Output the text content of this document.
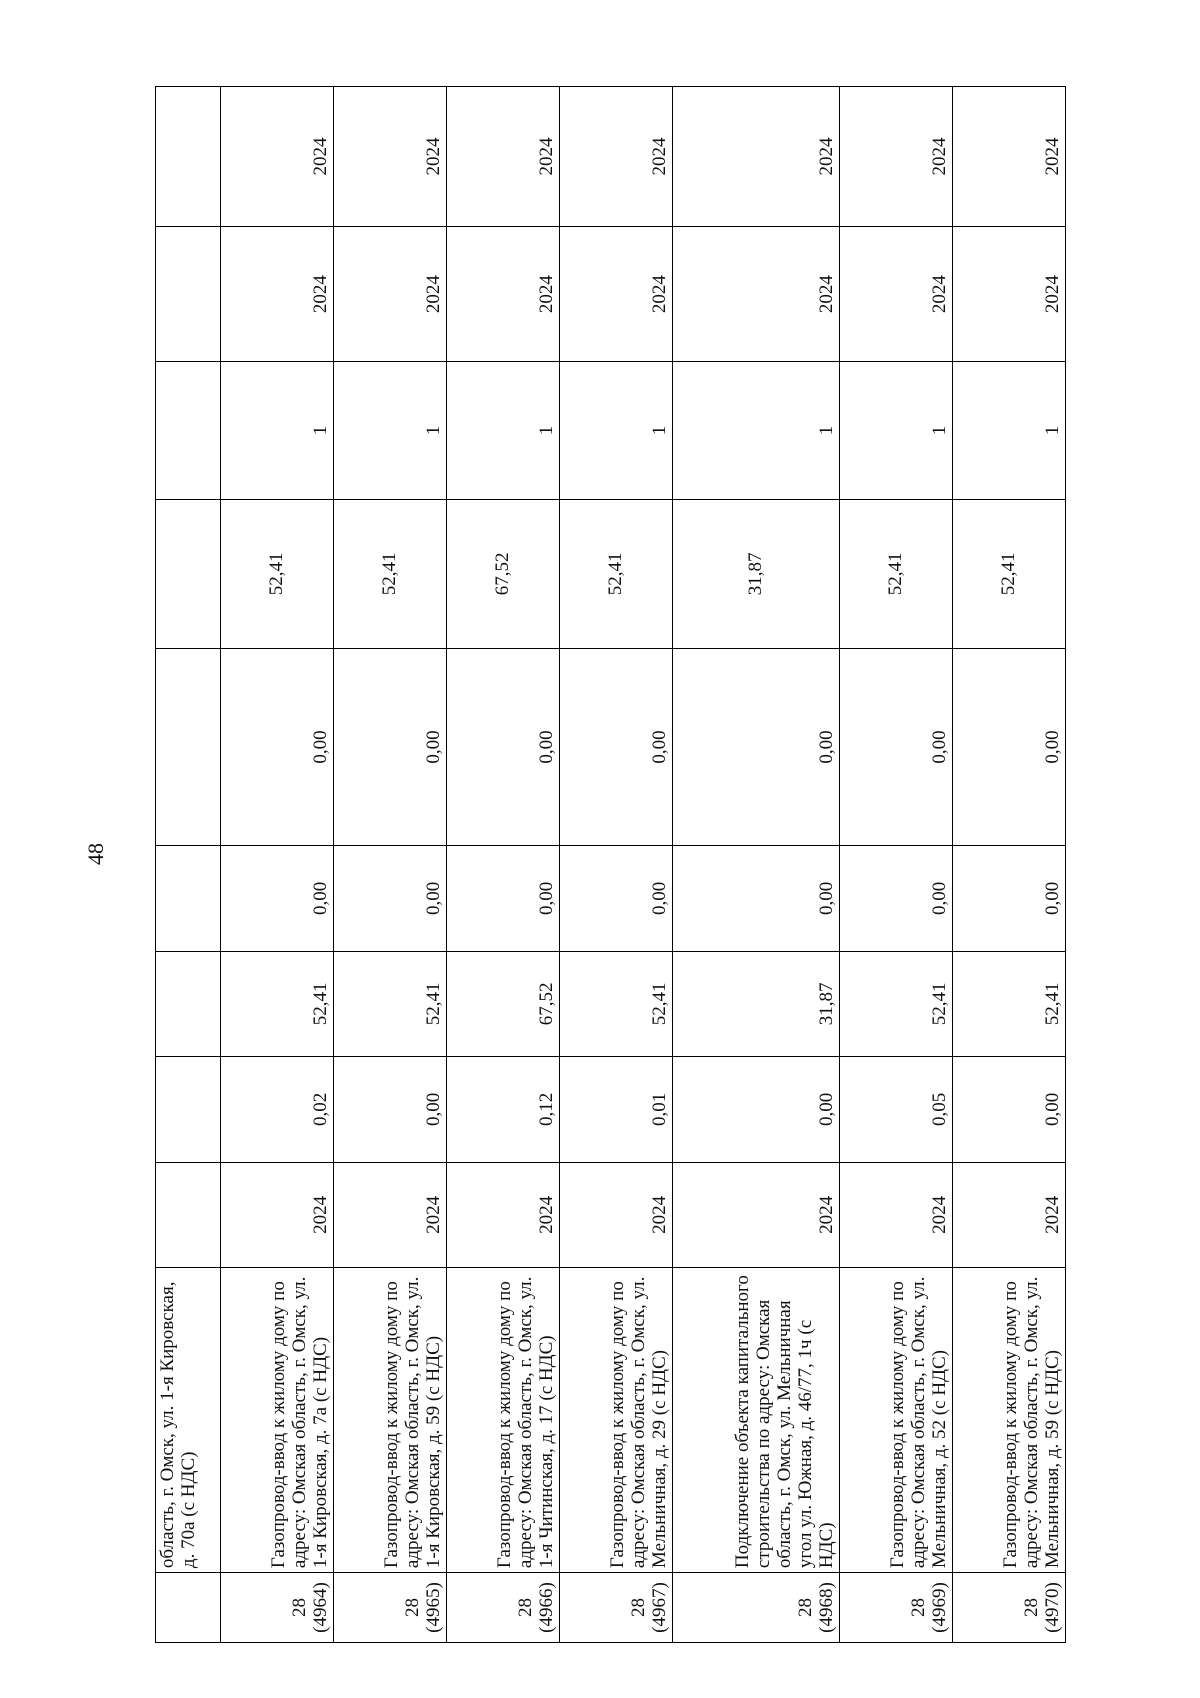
48
	область, г. Омск, ул. 1-я Кировская, д. 70а (с НДС)									
28
(4964)	Газопровод-ввод к жилому дому по адресу: Омская область, г. Омск, ул. 1-я Кировская, д. 7а (с НДС)	2024	0,02	52,41	0,00	0,00	52,41	1	2024	2024
28
(4965)	Газопровод-ввод к жилому дому по адресу: Омская область, г. Омск, ул. 1-я Кировская, д. 59 (с НДС)	2024	0,00	52,41	0,00	0,00	52,41	1	2024	2024
28
(4966)	Газопровод-ввод к жилому дому по адресу: Омская область, г. Омск, ул. 1-я Читинская, д. 17 (с НДС)	2024	0,12	67,52	0,00	0,00	67,52	1	2024	2024
28
(4967)	Газопровод-ввод к жилому дому по адресу: Омская область, г. Омск, ул. Мельничная, д. 29 (с НДС)	2024	0,01	52,41	0,00	0,00	52,41	1	2024	2024
28
(4968)	Подключение объекта капитального строительства по адресу: Омская область, г. Омск, ул. Мельничная угол ул. Южная, д. 46/77, 1ч (с НДС)	2024	0,00	31,87	0,00	0,00	31,87	1	2024	2024
28
(4969)	Газопровод-ввод к жилому дому по адресу: Омская область, г. Омск, ул. Мельничная, д. 52 (с НДС)	2024	0,05	52,41	0,00	0,00	52,41	1	2024	2024
28
(4970)	Газопровод-ввод к жилому дому по адресу: Омская область, г. Омск, ул. Мельничная, д. 59 (с НДС)	2024	0,00	52,41	0,00	0,00	52,41	1	2024	2024
